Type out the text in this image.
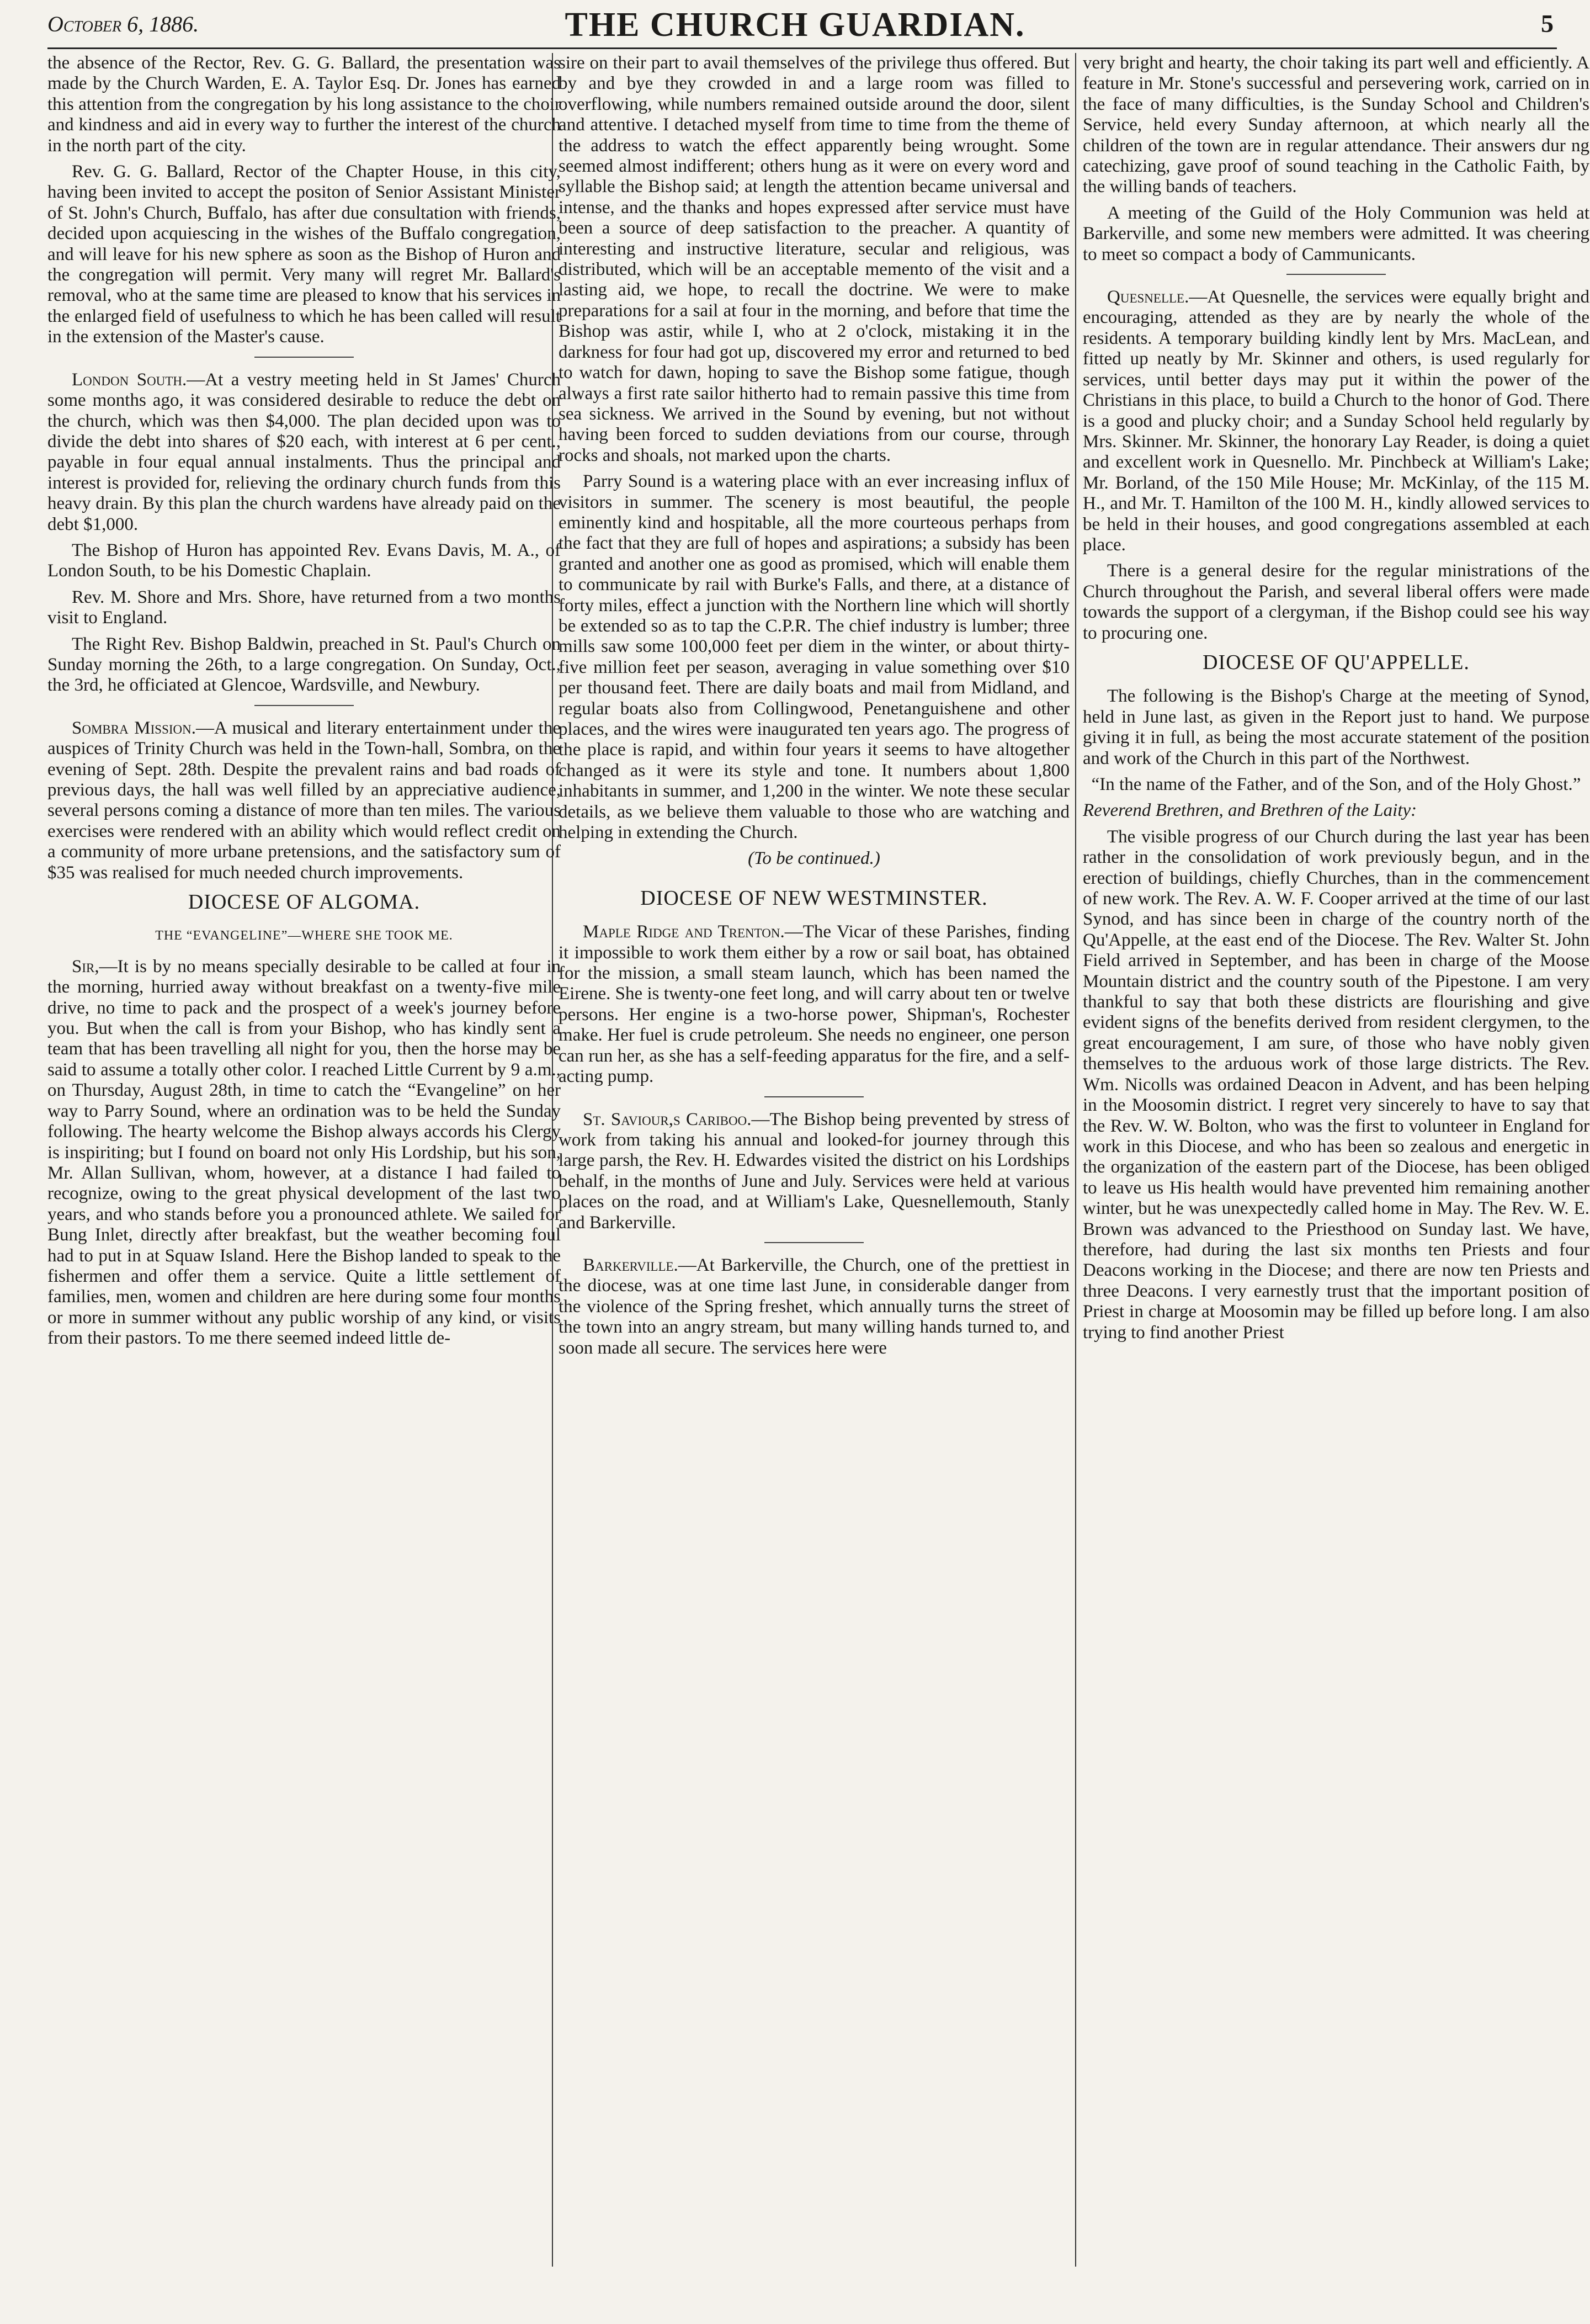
October 6, 1886.	THE CHURCH GUARDIAN.	5

the absence of the Rector, Rev. G. G. Ballard, the presentation was made by the Church Warden, E. A. Taylor Esq. Dr. Jones has earned this attention from the congregation by his long assistance to the choir and kindness and aid in every way to further the interest of the church in the north part of the city.

Rev. G. G. Ballard, Rector of the Chapter House, in this city, having been invited to accept the positon of Senior Assistant Minister of St. John's Church, Buffalo, has after due consultation with friends, decided upon acquiescing in the wishes of the Buffalo congregation, and will leave for his new sphere as soon as the Bishop of Huron and the congregation will permit. Very many will regret Mr. Ballard's removal, who at the same time are pleased to know that his services in the enlarged field of usefulness to which he has been called will result in the extension of the Master's cause.

London South.—At a vestry meeting held in St James' Church some months ago, it was considered desirable to reduce the debt on the church, which was then $4,000. The plan decided upon was to divide the debt into shares of $20 each, with interest at 6 per cent., payable in four equal annual instalments. Thus the principal and interest is provided for, relieving the ordinary church funds from this heavy drain. By this plan the church wardens have already paid on the debt $1,000.

The Bishop of Huron has appointed Rev. Evans Davis, M. A., of London South, to be his Domestic Chaplain.

Rev. M. Shore and Mrs. Shore, have returned from a two months visit to England.

The Right Rev. Bishop Baldwin, preached in St. Paul's Church on Sunday morning the 26th, to a large congregation. On Sunday, Oct., the 3rd, he officiated at Glencoe, Wardsville, and Newbury.

Sombra Mission.—A musical and literary entertainment under the auspices of Trinity Church was held in the Town-hall, Sombra, on the evening of Sept. 28th. Despite the prevalent rains and bad roads of previous days, the hall was well filled by an appreciative audience, several persons coming a distance of more than ten miles. The various exercises were rendered with an ability which would reflect credit on a community of more urbane pretensions, and the satisfactory sum of $35 was realised for much needed church improvements.

DIOCESE OF ALGOMA.
THE “EVANGELINE”—WHERE SHE TOOK ME.

Sir,—It is by no means specially desirable to be called at four in the morning, hurried away without breakfast on a twenty-five mile drive, no time to pack and the prospect of a week's journey before you. But when the call is from your Bishop, who has kindly sent a team that has been travelling all night for you, then the horse may be said to assume a totally other color. I reached Little Current by 9 a.m., on Thursday, August 28th, in time to catch the “Evangeline” on her way to Parry Sound, where an ordination was to be held the Sunday following. The hearty welcome the Bishop always accords his Clergy is inspiriting; but I found on board not only His Lordship, but his son, Mr. Allan Sullivan, whom, however, at a distance I had failed to recognize, owing to the great physical development of the last two years, and who stands before you a pronounced athlete. We sailed for Bung Inlet, directly after breakfast, but the weather becoming foul had to put in at Squaw Island. Here the Bishop landed to speak to the fishermen and offer them a service. Quite a little settlement of families, men, women and children are here during some four months or more in summer without any public worship of any kind, or visits from their pastors. To me there seemed indeed little de-

sire on their part to avail themselves of the privilege thus offered. But by and bye they crowded in and a large room was filled to overflowing, while numbers remained outside around the door, silent and attentive. I detached myself from time to time from the theme of the address to watch the effect apparently being wrought. Some seemed almost indifferent; others hung as it were on every word and syllable the Bishop said; at length the attention became universal and intense, and the thanks and hopes expressed after service must have been a source of deep satisfaction to the preacher. A quantity of interesting and instructive literature, secular and religious, was distributed, which will be an acceptable memento of the visit and a lasting aid, we hope, to recall the doctrine. We were to make preparations for a sail at four in the morning, and before that time the Bishop was astir, while I, who at 2 o'clock, mistaking it in the darkness for four had got up, discovered my error and returned to bed to watch for dawn, hoping to save the Bishop some fatigue, though always a first rate sailor hitherto had to remain passive this time from sea sickness. We arrived in the Sound by evening, but not without having been forced to sudden deviations from our course, through rocks and shoals, not marked upon the charts.

Parry Sound is a watering place with an ever increasing influx of visitors in summer. The scenery is most beautiful, the people eminently kind and hospitable, all the more courteous perhaps from the fact that they are full of hopes and aspirations; a subsidy has been granted and another one as good as promised, which will enable them to communicate by rail with Burke's Falls, and there, at a distance of forty miles, effect a junction with the Northern line which will shortly be extended so as to tap the C.P.R. The chief industry is lumber; three mills saw some 100,000 feet per diem in the winter, or about thirty-five million feet per season, averaging in value something over $10 per thousand feet. There are daily boats and mail from Midland, and regular boats also from Collingwood, Penetanguishene and other places, and the wires were inaugurated ten years ago. The progress of the place is rapid, and within four years it seems to have altogether changed as it were its style and tone. It numbers about 1,800 inhabitants in summer, and 1,200 in the winter. We note these secular details, as we believe them valuable to those who are watching and helping in extending the Church.

(To be continued.)
DIOCESE OF NEW WESTMINSTER.

Maple Ridge and Trenton.—The Vicar of these Parishes, finding it impossible to work them either by a row or sail boat, has obtained for the mission, a small steam launch, which has been named the Eirene. She is twenty-one feet long, and will carry about ten or twelve persons. Her engine is a two-horse power, Shipman's, Rochester make. Her fuel is crude petroleum. She needs no engineer, one person can run her, as she has a self-feeding apparatus for the fire, and a self-acting pump.

St. Saviour,s Cariboo.—The Bishop being prevented by stress of work from taking his annual and looked-for journey through this large parsh, the Rev. H. Edwardes visited the district on his Lordships behalf, in the months of June and July. Services were held at various places on the road, and at William's Lake, Quesnellemouth, Stanly and Barkerville.

Barkerville.—At Barkerville, the Church, one of the prettiest in the diocese, was at one time last June, in considerable danger from the violence of the Spring freshet, which annually turns the street of the town into an angry stream, but many willing hands turned to, and soon made all secure. The services here were

very bright and hearty, the choir taking its part well and efficiently. A feature in Mr. Stone's successful and persevering work, carried on in the face of many difficulties, is the Sunday School and Children's Service, held every Sunday afternoon, at which nearly all the children of the town are in regular attendance. Their answers dur ng catechizing, gave proof of sound teaching in the Catholic Faith, by the willing bands of teachers.

A meeting of the Guild of the Holy Communion was held at Barkerville, and some new members were admitted. It was cheering to meet so compact a body of Cammunicants.

Quesnelle.—At Quesnelle, the services were equally bright and encouraging, attended as they are by nearly the whole of the residents. A temporary building kindly lent by Mrs. MacLean, and fitted up neatly by Mr. Skinner and others, is used regularly for services, until better days may put it within the power of the Christians in this place, to build a Church to the honor of God. There is a good and plucky choir; and a Sunday School held regularly by Mrs. Skinner. Mr. Skinner, the honorary Lay Reader, is doing a quiet and excellent work in Quesnello. Mr. Pinchbeck at William's Lake; Mr. Borland, of the 150 Mile House; Mr. McKinlay, of the 115 M. H., and Mr. T. Hamilton of the 100 M. H., kindly allowed services to be held in their houses, and good congregations assembled at each place.

There is a general desire for the regular ministrations of the Church throughout the Parish, and several liberal offers were made towards the support of a clergyman, if the Bishop could see his way to procuring one.

DIOCESE OF QU'APPELLE.

The following is the Bishop's Charge at the meeting of Synod, held in June last, as given in the Report just to hand. We purpose giving it in full, as being the most accurate statement of the position and work of the Church in this part of the Northwest.

“In the name of the Father, and of the Son, and of the Holy Ghost.”

Reverend Brethren, and Brethren of the Laity:

The visible progress of our Church during the last year has been rather in the consolidation of work previously begun, and in the erection of buildings, chiefly Churches, than in the commencement of new work. The Rev. A. W. F. Cooper arrived at the time of our last Synod, and has since been in charge of the country north of the Qu'Appelle, at the east end of the Diocese. The Rev. Walter St. John Field arrived in September, and has been in charge of the Moose Mountain district and the country south of the Pipestone. I am very thankful to say that both these districts are flourishing and give evident signs of the benefits derived from resident clergymen, to the great encouragement, I am sure, of those who have nobly given themselves to the arduous work of those large districts. The Rev. Wm. Nicolls was ordained Deacon in Advent, and has been helping in the Moosomin district. I regret very sincerely to have to say that the Rev. W. W. Bolton, who was the first to volunteer in England for work in this Diocese, and who has been so zealous and energetic in the organization of the eastern part of the Diocese, has been obliged to leave us His health would have prevented him remaining another winter, but he was unexpectedly called home in May. The Rev. W. E. Brown was advanced to the Priesthood on Sunday last. We have, therefore, had during the last six months ten Priests and four Deacons working in the Diocese; and there are now ten Priests and three Deacons. I very earnestly trust that the important position of Priest in charge at Moosomin may be filled up before long. I am also trying to find another Priest
